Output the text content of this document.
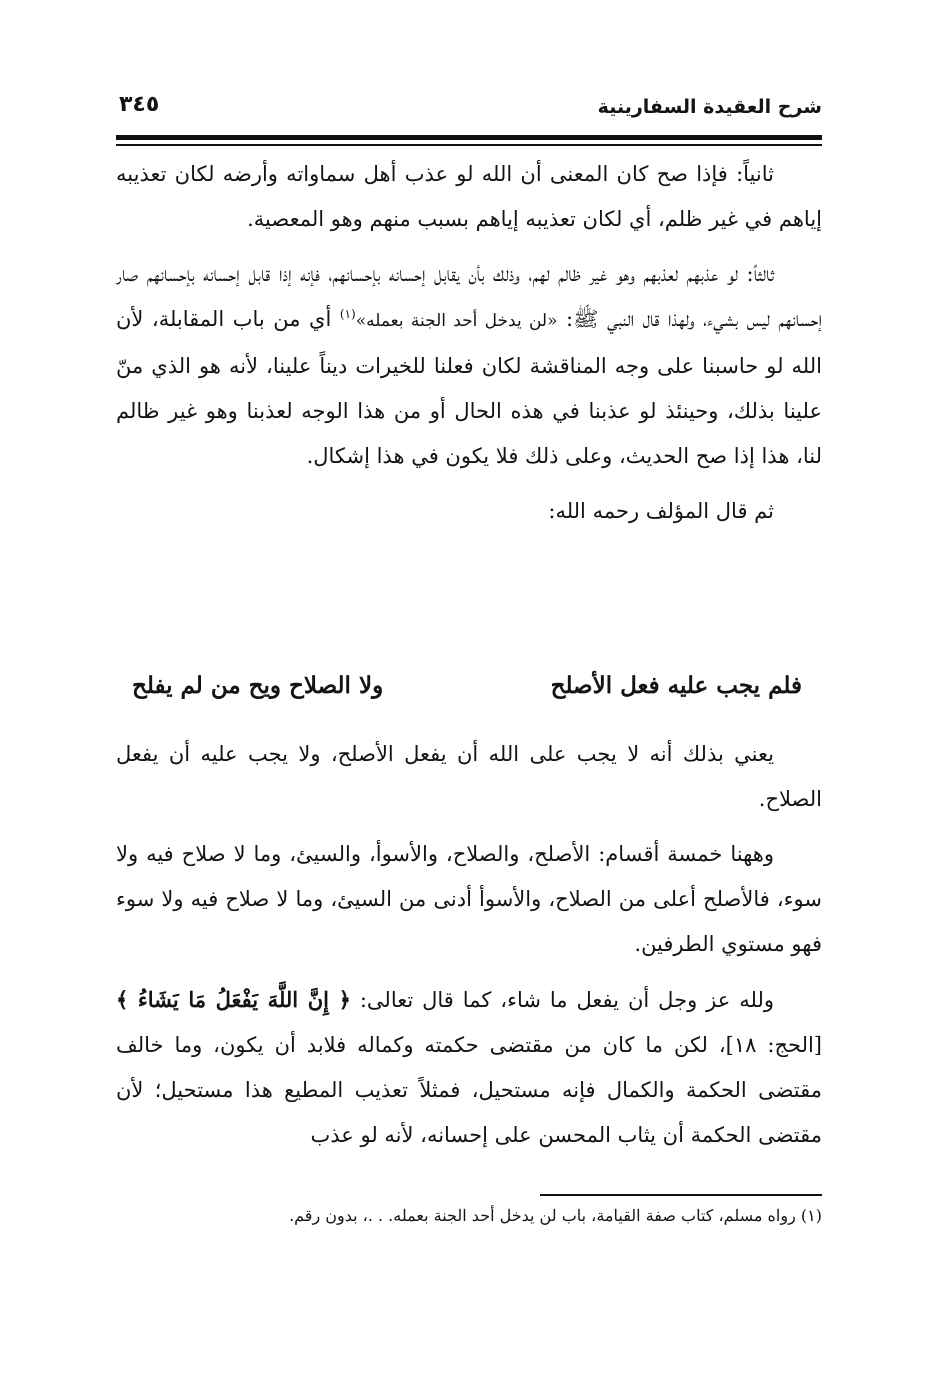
شرح العقيدة السفارينية
٣٤٥

ثانياً: فإذا صح كان المعنى أن الله لو عذب أهل سماواته وأرضه لكان تعذيبه إياهم في غير ظلم، أي لكان تعذيبه إياهم بسبب منهم وهو المعصية.

ثالثاً: لو عذبهم لعذبهم وهو غير ظالم لهم، وذلك بأن يقابل إحسانه بإحسانهم، فإنه إذا قابل إحسانه بإحسانهم صار إحسانهم ليس بشيء، ولهذا قال النبي ﷺ: «لن يدخل أحد الجنة بعمله»$^{(١)}$ أي من باب المقابلة، لأن الله لو حاسبنا على وجه المناقشة لكان فعلنا للخيرات ديناً علينا، لأنه هو الذي منّ علينا بذلك، وحينئذ لو عذبنا في هذه الحال أو من هذا الوجه لعذبنا وهو غير ظالم لنا، هذا إذا صح الحديث، وعلى ذلك فلا يكون في هذا إشكال.

ثم قال المؤلف رحمه الله:

فلم يجب عليه فعل الأصلح
ولا الصلاح ويح من لم يفلح

يعني بذلك أنه لا يجب على الله أن يفعل الأصلح، ولا يجب عليه أن يفعل الصلاح.

وههنا خمسة أقسام: الأصلح، والصلاح، والأسوأ، والسيئ، وما لا صلاح فيه ولا سوء، فالأصلح أعلى من الصلاح، والأسوأ أدنى من السيئ، وما لا صلاح فيه ولا سوء فهو مستوي الطرفين.

ولله عز وجل أن يفعل ما شاء، كما قال تعالى: ﴿ إِنَّ اللَّهَ يَفْعَلُ مَا يَشَاءُ ﴾ [الحج: ١٨]، لكن ما كان من مقتضى حكمته وكماله فلابد أن يكون، وما خالف مقتضى الحكمة والكمال فإنه مستحيل، فمثلاً تعذيب المطيع هذا مستحيل؛ لأن مقتضى الحكمة أن يثاب المحسن على إحسانه، لأنه لو عذب

(١) رواه مسلم، كتاب صفة القيامة، باب لن يدخل أحد الجنة بعمله. . .، بدون رقم.
